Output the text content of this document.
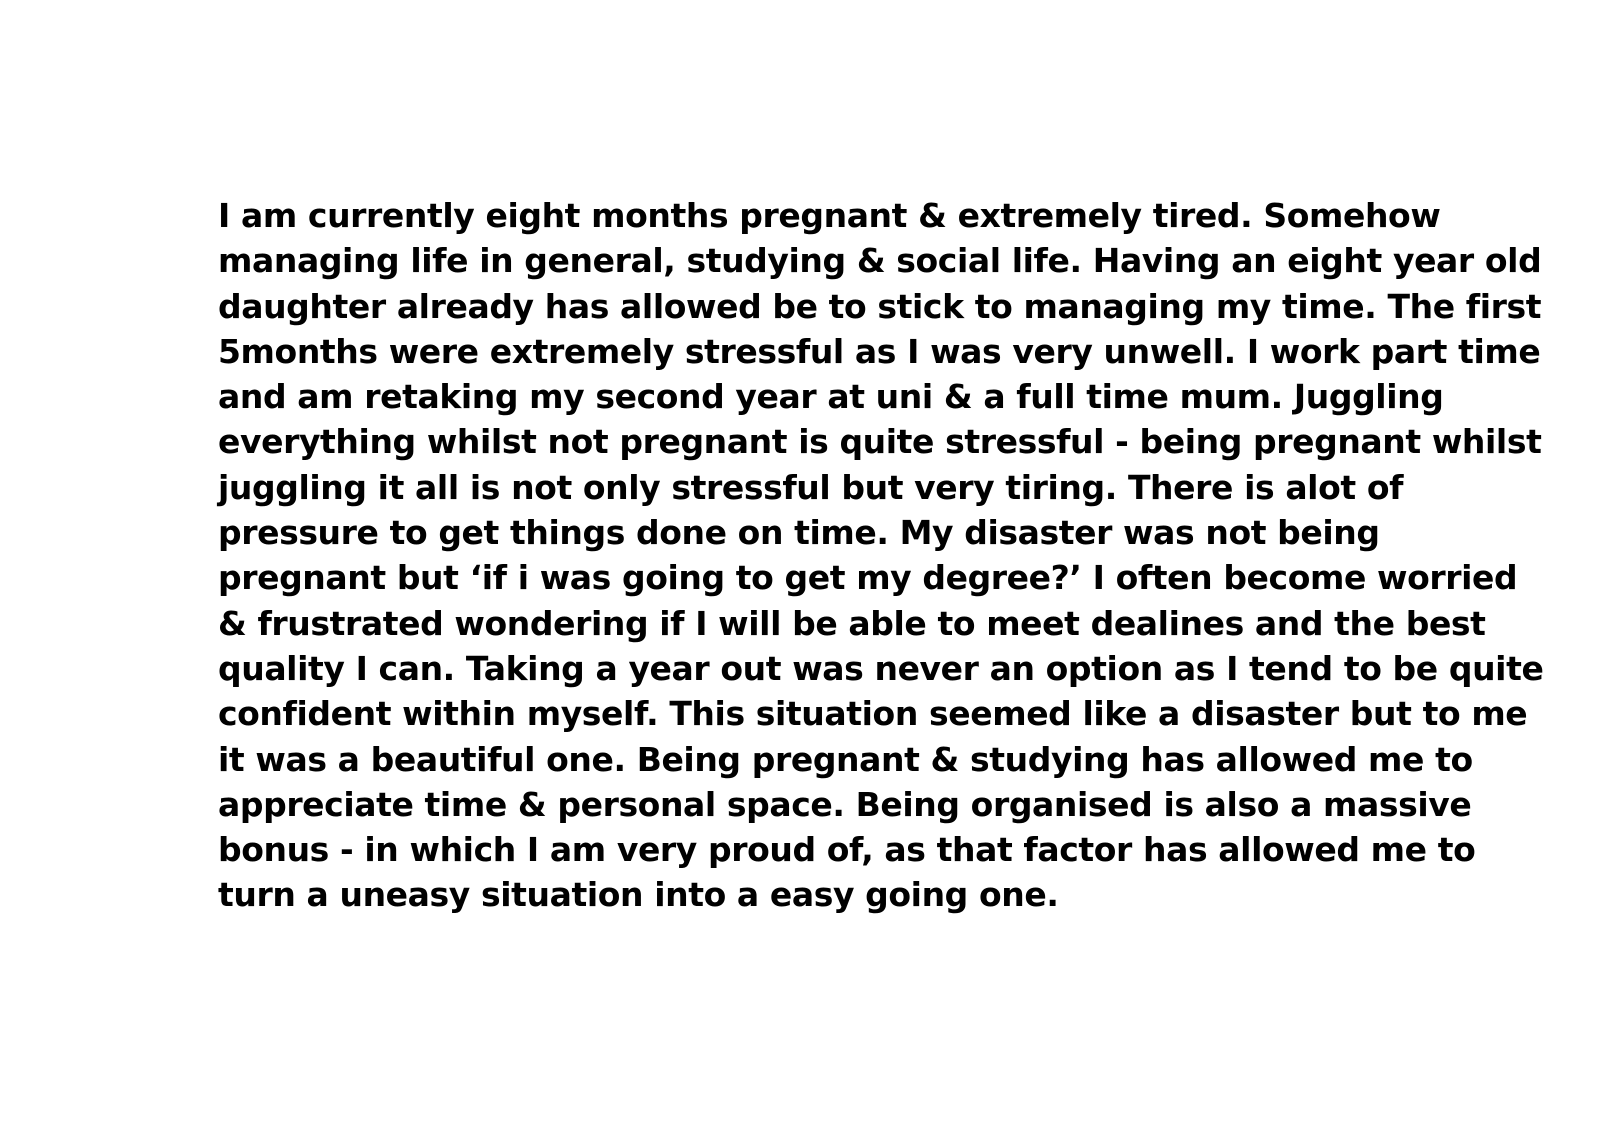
I am currently eight months pregnant & extremely tired. Somehow
managing life in general, studying & social life. Having an eight year old
daughter already has allowed be to stick to managing my time. The first
5months were extremely stressful as I was very unwell. I work part time
and am retaking my second year at uni & a full time mum. Juggling
everything whilst not pregnant is quite stressful - being pregnant whilst
juggling it all is not only stressful but very tiring. There is alot of
pressure to get things done on time. My disaster was not being
pregnant but ‘if i was going to get my degree?’ I often become worried
& frustrated wondering if I will be able to meet dealines and the best
quality I can. Taking a year out was never an option as I tend to be quite
confident within myself. This situation seemed like a disaster but to me
it was a beautiful one. Being pregnant & studying has allowed me to
appreciate time & personal space. Being organised is also a massive
bonus - in which I am very proud of, as that factor has allowed me to
turn a uneasy situation into a easy going one.
